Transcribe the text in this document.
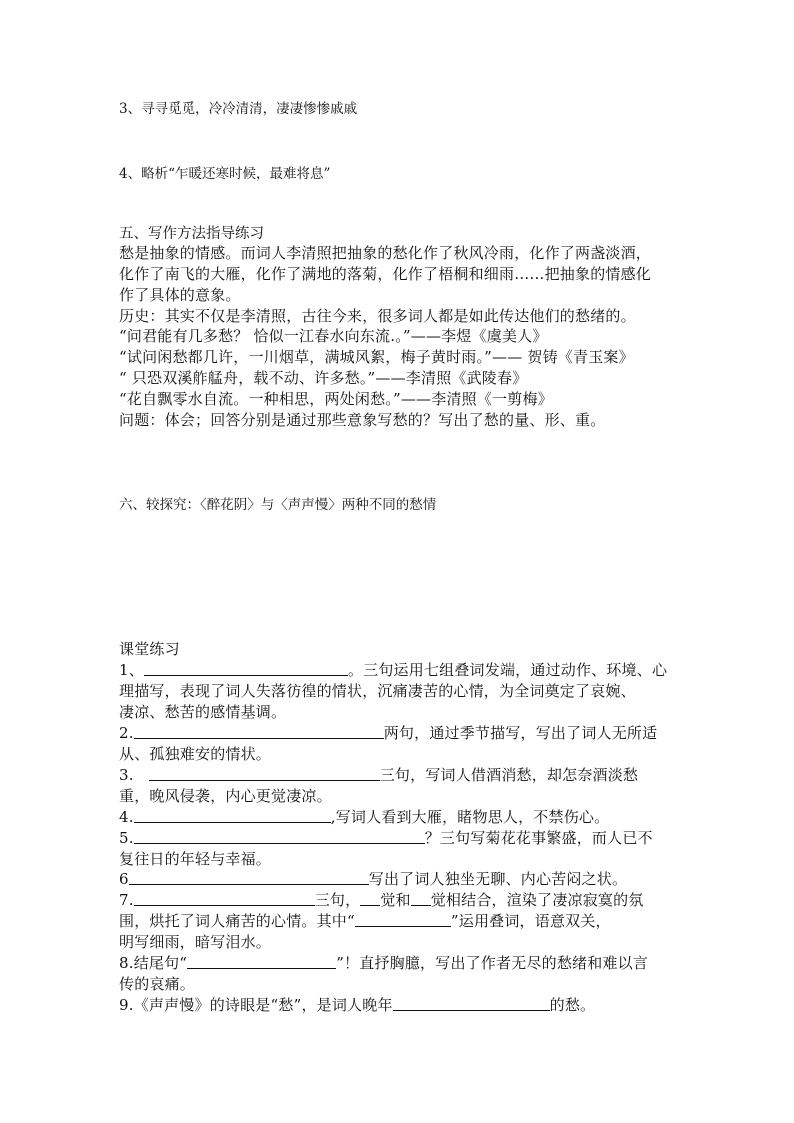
3、寻寻觅觅，冷冷清清，凄凄惨惨戚戚
4、略析“乍暖还寒时候，最难将息”
五、写作方法指导练习
愁是抽象的情感。而词人李清照把抽象的愁化作了秋风冷雨，化作了两盏淡酒，
化作了南飞的大雁，化作了满地的落菊，化作了梧桐和细雨……把抽象的情感化
作了具体的意象。
历史：其实不仅是李清照，古往今来，很多词人都是如此传达他们的愁绪的。
“问君能有几多愁？ 恰似一江春水向东流.。”——李煜《虞美人》
“试问闲愁都几许，一川烟草，满城风絮，梅子黄时雨。”—— 贺铸《青玉案》
“ 只恐双溪舴艋舟，载不动、许多愁。”——李清照《武陵春》
“花自飘零水自流。一种相思，两处闲愁。”——李清照《一剪梅》
问题：体会；回答分别是通过那些意象写愁的？写出了愁的量、形、重。
六、较探究：〈醉花阴〉与〈声声慢〉两种不同的愁情
课堂练习
1、	。三句运用七组叠词发端，通过动作、环境、心
理描写，表现了词人失落彷徨的情状，沉痛凄苦的心情，为全词奠定了哀婉、
凄凉、愁苦的感情基调。
2.	两句，通过季节描写，写出了词人无所适
从、孤独难安的情状。
3.	三句，写词人借酒消愁，却怎奈酒淡愁
重，晚风侵袭，内心更觉凄凉。
4.	,写词人看到大雁，睹物思人，不禁伤心。
5.	？三句写菊花花事繁盛，而人已不
复往日的年轻与幸福。
6	写出了词人独坐无聊、内心苦闷之状。
7.	三句， 觉和 觉相结合，渲染了凄凉寂寞的氛
围，烘托了词人痛苦的心情。其中“	”运用叠词，语意双关，
明写细雨，暗写泪水。
8.结尾句“	”！直抒胸臆，写出了作者无尽的愁绪和难以言
传的哀痛。
9.《声声慢》的诗眼是“愁”，是词人晚年	的愁。
